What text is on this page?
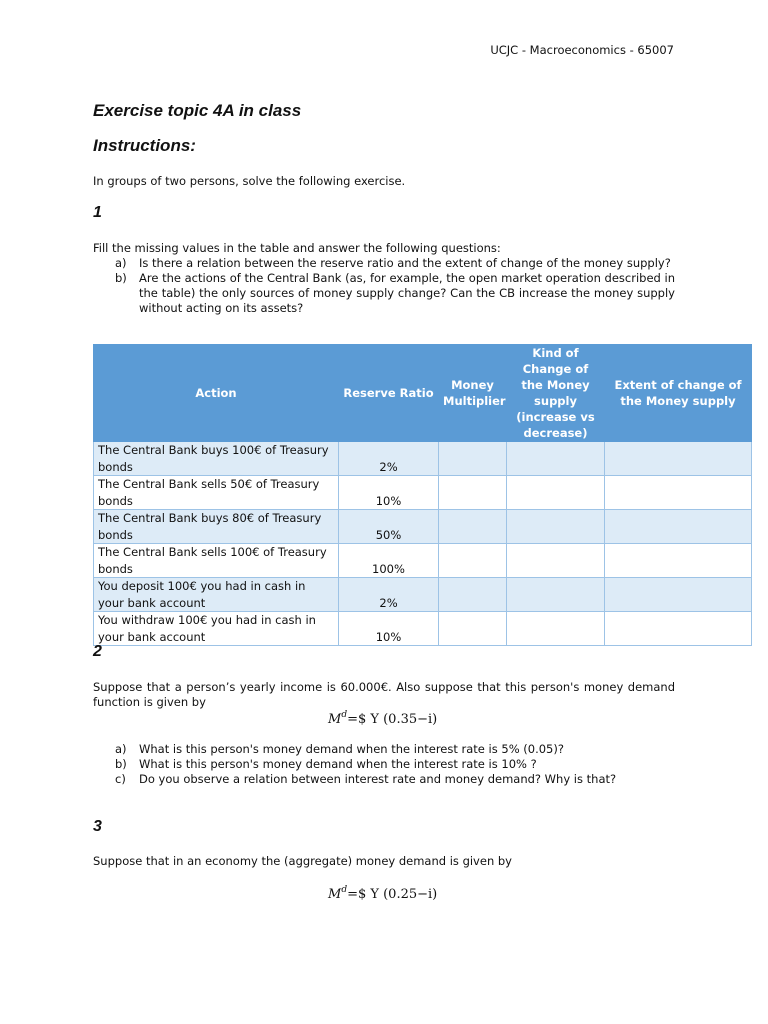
UCJC - Macroeconomics - 65007
Exercise topic 4A in class
Instructions:
In groups of two persons, solve the following exercise.
1
Fill the missing values in the table and answer the following questions:
a) Is there a relation between the reserve ratio and the extent of change of the money supply?
b) Are the actions of the Central Bank (as, for example, the open market operation described in the table) the only sources of money supply change? Can the CB increase the money supply without acting on its assets?
Action	Reserve Ratio	Money Multiplier	Kind of Change of the Money supply (increase vs decrease)	Extent of change of the Money supply
The Central Bank buys 100€ of Treasury bonds	2%			
The Central Bank sells 50€ of Treasury bonds	10%			
The Central Bank buys 80€ of Treasury bonds	50%			
The Central Bank sells 100€ of Treasury bonds	100%			
You deposit 100€ you had in cash in your bank account	2%			
You withdraw 100€ you had in cash in your bank account	10%			
2
Suppose that a person’s yearly income is 60.000€. Also suppose that this person's money demand function is given by
$M^d=\$$ Y (0.35−i)
a) What is this person's money demand when the interest rate is 5% (0.05)?
b) What is this person's money demand when the interest rate is 10% ?
c) Do you observe a relation between interest rate and money demand? Why is that?
3
Suppose that in an economy the (aggregate) money demand is given by
$M^d=\$$ Y (0.25−i)
